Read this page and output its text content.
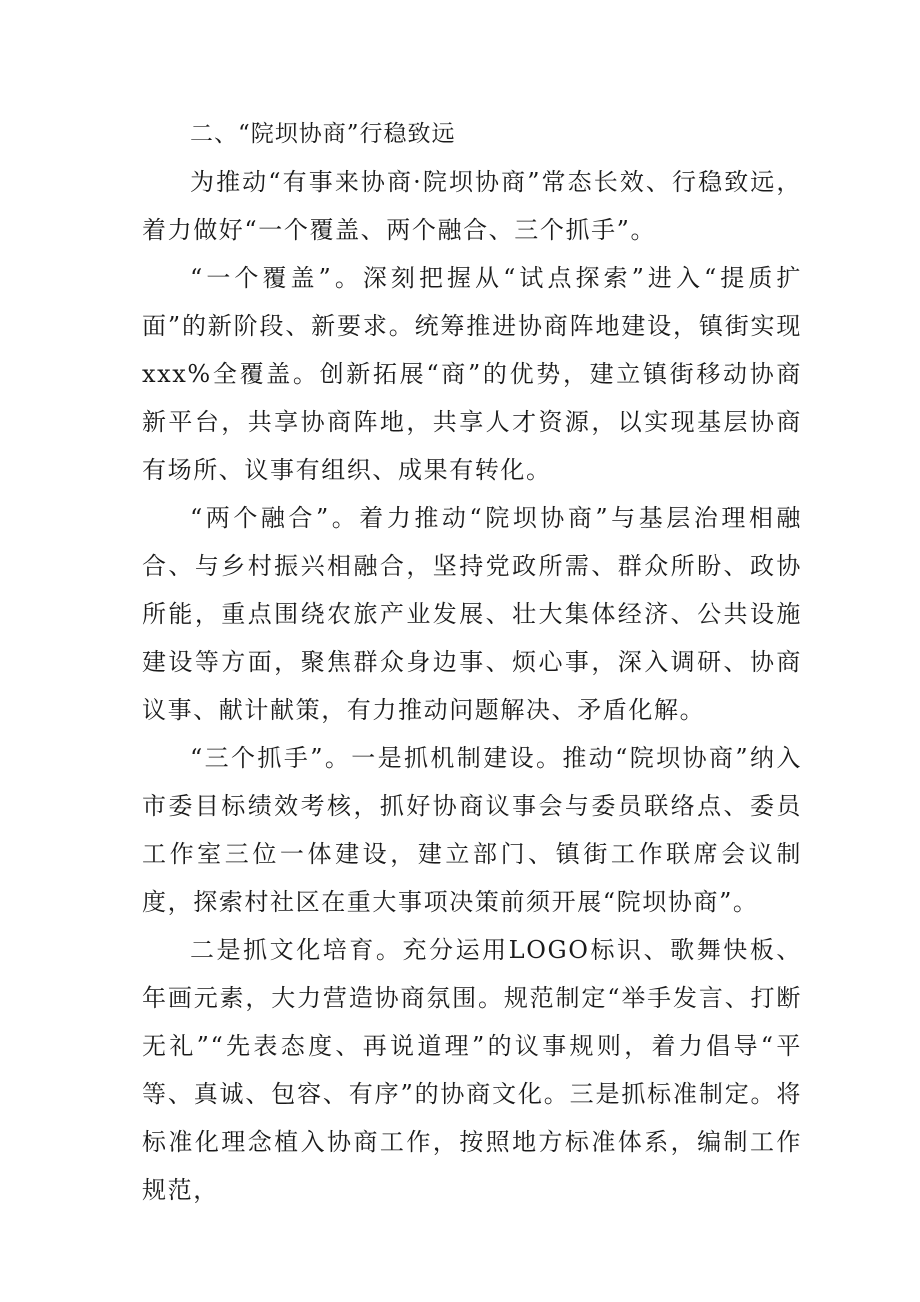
二、“院坝协商”行稳致远

为推动“有事来协商·院坝协商”常态长效、行稳致远，着力做好“一个覆盖、两个融合、三个抓手”。

“一个覆盖”。深刻把握从“试点探索”进入“提质扩面”的新阶段、新要求。统筹推进协商阵地建设，镇街实现xxx%全覆盖。创新拓展“商”的优势，建立镇街移动协商新平台，共享协商阵地，共享人才资源，以实现基层协商有场所、议事有组织、成果有转化。

“两个融合”。着力推动“院坝协商”与基层治理相融合、与乡村振兴相融合，坚持党政所需、群众所盼、政协所能，重点围绕农旅产业发展、壮大集体经济、公共设施建设等方面，聚焦群众身边事、烦心事，深入调研、协商议事、献计献策，有力推动问题解决、矛盾化解。

“三个抓手”。一是抓机制建设。推动“院坝协商”纳入市委目标绩效考核，抓好协商议事会与委员联络点、委员工作室三位一体建设，建立部门、镇街工作联席会议制度，探索村社区在重大事项决策前须开展“院坝协商”。

二是抓文化培育。充分运用LOGO标识、歌舞快板、年画元素，大力营造协商氛围。规范制定“举手发言、打断无礼”“先表态度、再说道理”的议事规则，着力倡导“平等、真诚、包容、有序”的协商文化。三是抓标准制定。将标准化理念植入协商工作，按照地方标准体系，编制工作规范，
